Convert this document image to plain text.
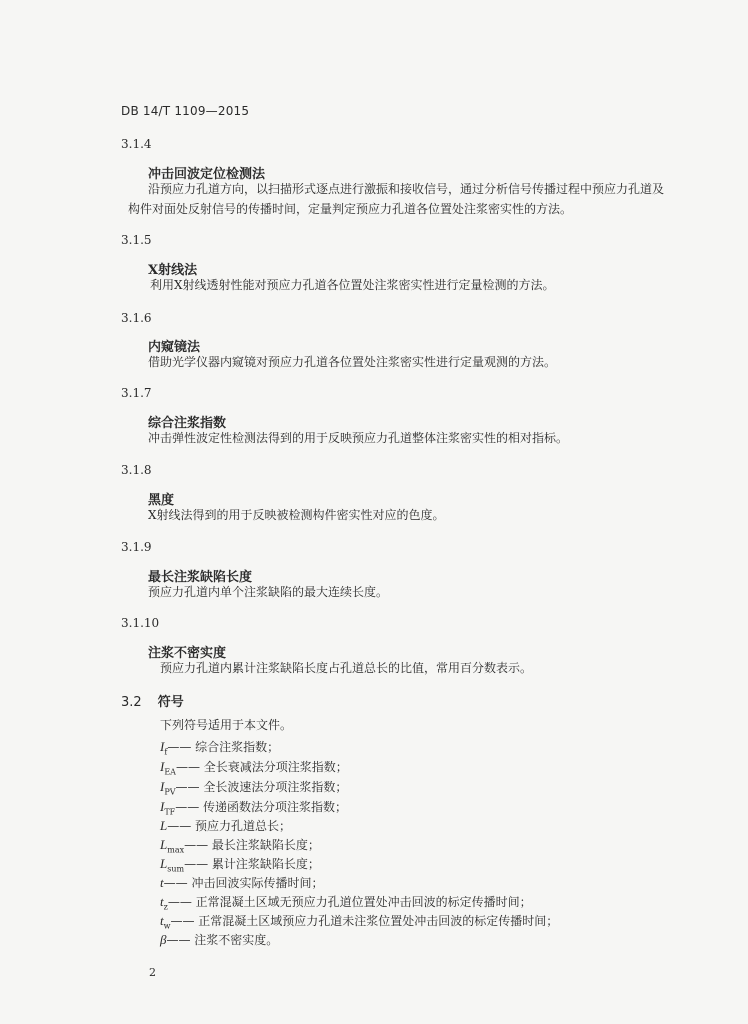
DB 14/T 1109—2015
3.1.4
冲击回波定位检测法
沿预应力孔道方向，以扫描形式逐点进行激振和接收信号，通过分析信号传播过程中预应力孔道及
构件对面处反射信号的传播时间，定量判定预应力孔道各位置处注浆密实性的方法。
3.1.5
X射线法
利用X射线透射性能对预应力孔道各位置处注浆密实性进行定量检测的方法。
3.1.6
内窥镜法
借助光学仪器内窥镜对预应力孔道各位置处注浆密实性进行定量观测的方法。
3.1.7
综合注浆指数
冲击弹性波定性检测法得到的用于反映预应力孔道整体注浆密实性的相对指标。
3.1.8
黑度
X射线法得到的用于反映被检测构件密实性对应的色度。
3.1.9
最长注浆缺陷长度
预应力孔道内单个注浆缺陷的最大连续长度。
3.1.10
注浆不密实度
预应力孔道内累计注浆缺陷长度占孔道总长的比值，常用百分数表示。
3.2 符号
下列符号适用于本文件。
$I_f——$ 综合注浆指数；
$I_{EA}——$ 全长衰减法分项注浆指数；
$I_{PV}——$ 全长波速法分项注浆指数；
$I_{TF}——$ 传递函数法分项注浆指数；
L—— 预应力孔道总长；
$L_{max}——$ 最长注浆缺陷长度；
$L_{sum}——$ 累计注浆缺陷长度；
t—— 冲击回波实际传播时间；
$t_z——$ 正常混凝土区域无预应力孔道位置处冲击回波的标定传播时间；
$t_w——$ 正常混凝土区域预应力孔道未注浆位置处冲击回波的标定传播时间；
β—— 注浆不密实度。
2
